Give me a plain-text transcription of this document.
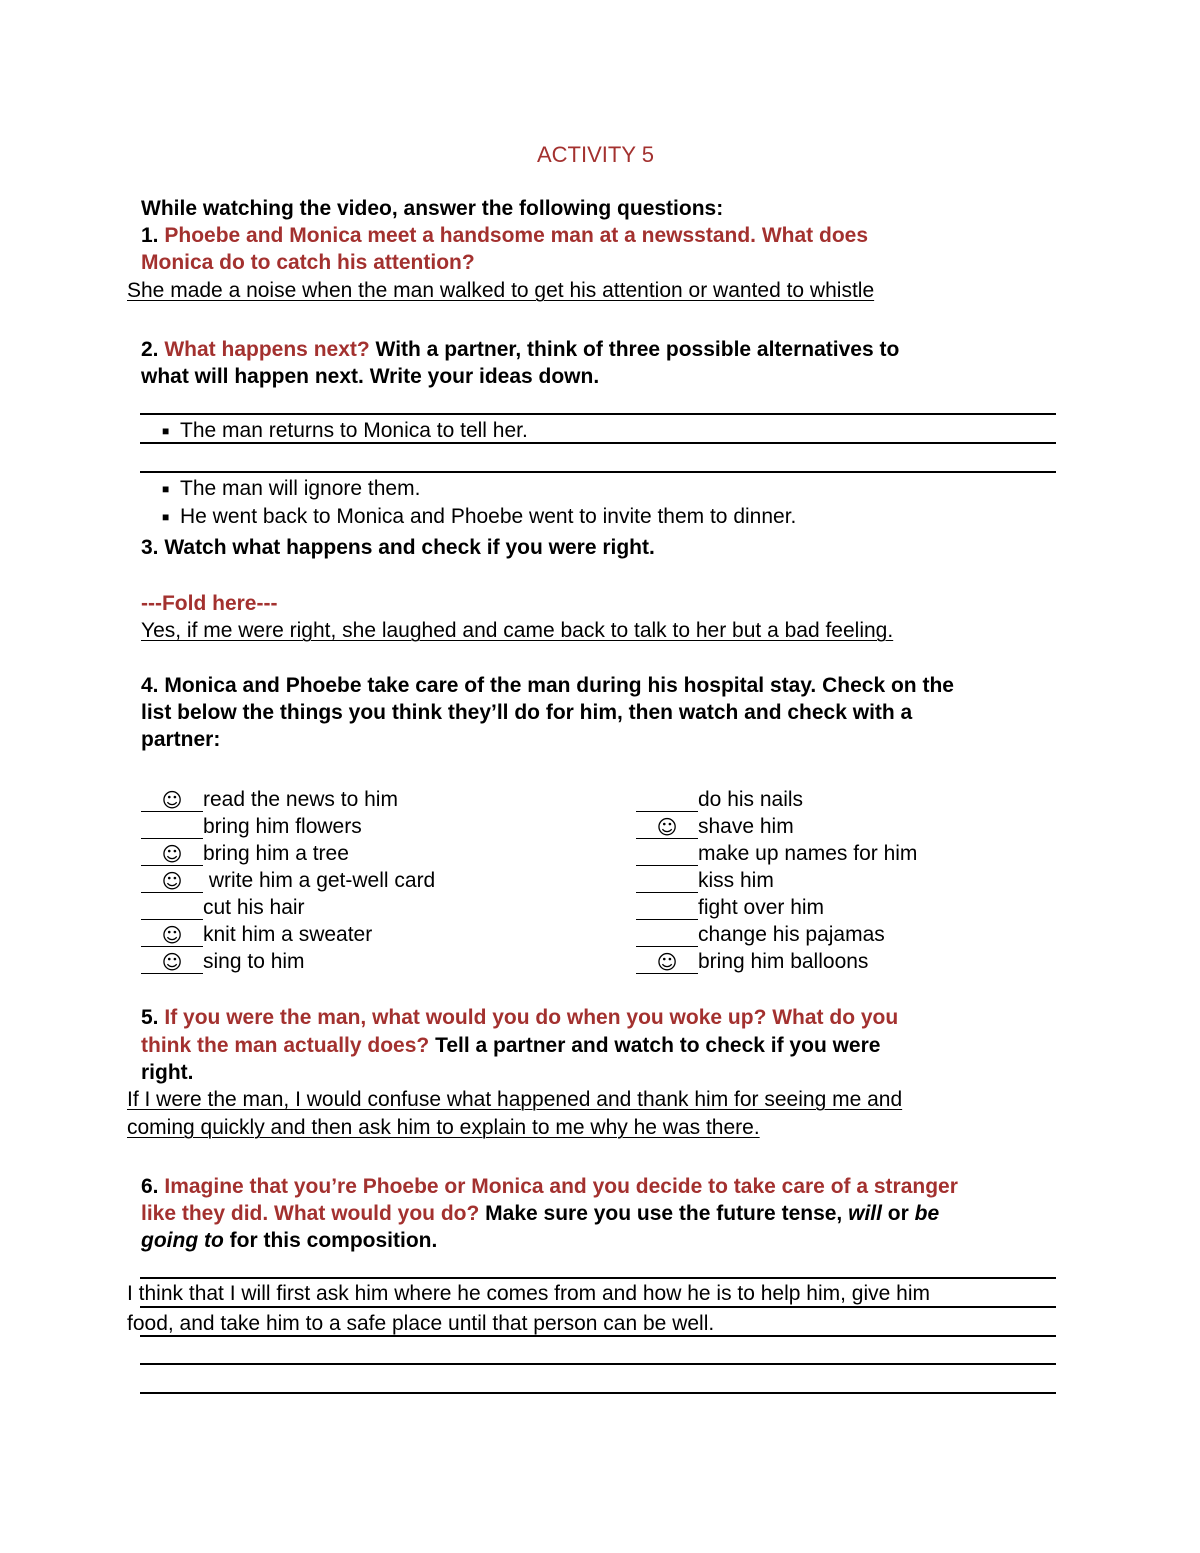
ACTIVITY 5
While watching the video, answer the following questions:
1. Phoebe and Monica meet a handsome man at a newsstand. What does
Monica do to catch his attention?
She made a noise when the man walked to get his attention or wanted to whistle
2. What happens next? With a partner, think of three possible alternatives to
what will happen next. Write your ideas down.
■ The man returns to Monica to tell her.
■ The man will ignore them.
■ He went back to Monica and Phoebe went to invite them to dinner.
3. Watch what happens and check if you were right.
---Fold here---
Yes, if me were right, she laughed and came back to talk to her but a bad feeling.
4. Monica and Phoebe take care of the man during his hospital stay. Check on the
list below the things you think they’ll do for him, then watch and check with a
partner:
☺ read the news to him
bring him flowers
☺ bring him a tree
☺ write him a get-well card
cut his hair
☺ knit him a sweater
☺ sing to him
do his nails
☺ shave him
make up names for him
kiss him
fight over him
change his pajamas
☺ bring him balloons
5. If you were the man, what would you do when you woke up? What do you
think the man actually does? Tell a partner and watch to check if you were
right.
If I were the man, I would confuse what happened and thank him for seeing me and
coming quickly and then ask him to explain to me why he was there.
6. Imagine that you’re Phoebe or Monica and you decide to take care of a stranger
like they did. What would you do? Make sure you use the future tense, will or be
going to for this composition.
I think that I will first ask him where he comes from and how he is to help him, give him
food, and take him to a safe place until that person can be well.
